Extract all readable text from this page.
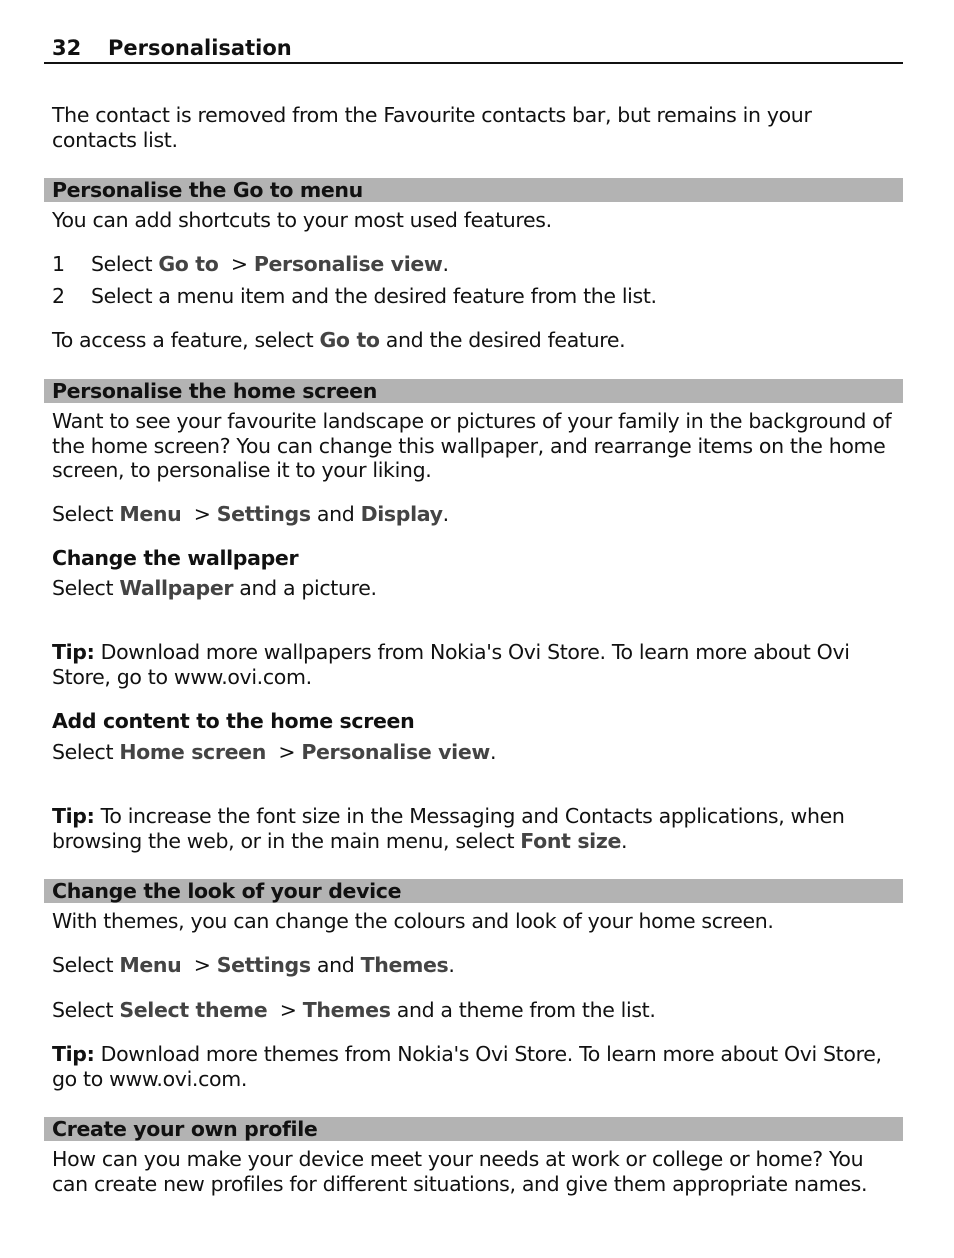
32 Personalisation

The contact is removed from the Favourite contacts bar, but remains in your contacts list.

Personalise the Go to menu

You can add shortcuts to your most used features.

1 Select Go to  > Personalise view.
2 Select a menu item and the desired feature from the list.

To access a feature, select Go to and the desired feature.

Personalise the home screen

Want to see your favourite landscape or pictures of your family in the background of the home screen? You can change this wallpaper, and rearrange items on the home screen, to personalise it to your liking.

Select Menu  > Settings and Display.

Change the wallpaper

Select Wallpaper and a picture.

Tip: Download more wallpapers from Nokia's Ovi Store. To learn more about Ovi Store, go to www.ovi.com.

Add content to the home screen

Select Home screen  > Personalise view.

Tip: To increase the font size in the Messaging and Contacts applications, when browsing the web, or in the main menu, select Font size.

Change the look of your device

With themes, you can change the colours and look of your home screen.

Select Menu  > Settings and Themes.

Select Select theme  > Themes and a theme from the list.

Tip: Download more themes from Nokia's Ovi Store. To learn more about Ovi Store, go to www.ovi.com.

Create your own profile

How can you make your device meet your needs at work or college or home? You can create new profiles for different situations, and give them appropriate names.
